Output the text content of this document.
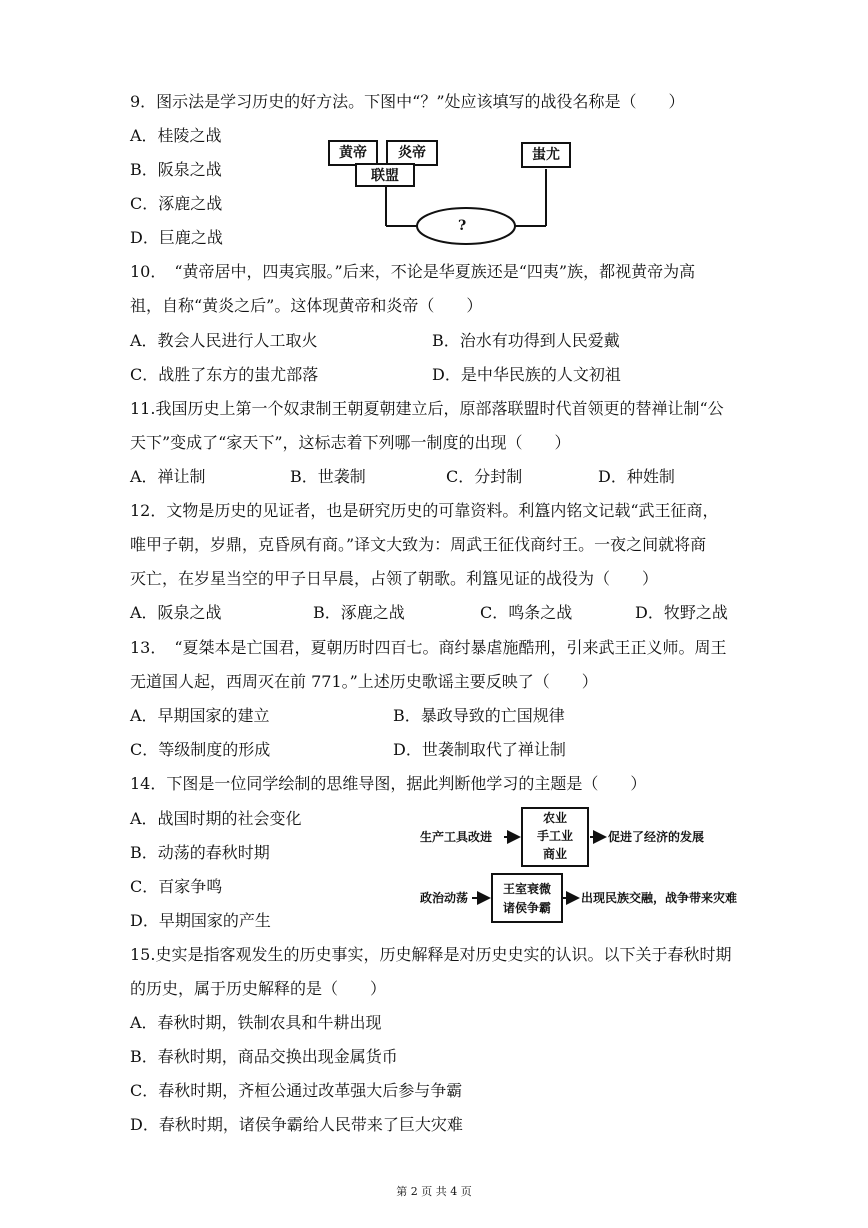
9．图示法是学习历史的好方法。下图中“？”处应该填写的战役名称是（　　）
A．桂陵之战
B．阪泉之战
C．涿鹿之战
D．巨鹿之战
黄帝	炎帝
联盟
蚩尤
?
10．　“黄帝居中，四夷宾服。”后来，不论是华夏族还是“四夷”族，都视黄帝为高
祖，自称“黄炎之后”。这体现黄帝和炎帝（　　）
A．教会人民进行人工取火	B．治水有功得到人民爱戴
C．战胜了东方的蚩尤部落	D．是中华民族的人文初祖
11.我国历史上第一个奴隶制王朝夏朝建立后，原部落联盟时代首领更的替禅让制“公
天下”变成了“家天下”，这标志着下列哪一制度的出现（　　）
A．禅让制	B．世袭制	C．分封制	D．种姓制
12．文物是历史的见证者，也是研究历史的可靠资料。利簋内铭文记载“武王征商，
唯甲子朝，岁鼎，克昏夙有商。”译文大致为：周武王征伐商纣王。一夜之间就将商
灭亡，在岁星当空的甲子日早晨，占领了朝歌。利簋见证的战役为（　　）
A．阪泉之战	B．涿鹿之战	C．鸣条之战	D．牧野之战
13．　“夏桀本是亡国君，夏朝历时四百七。商纣暴虐施酷刑，引来武王正义师。周王
无道国人起，西周灭在前 771。”上述历史歌谣主要反映了（　　）
A．早期国家的建立	B．暴政导致的亡国规律
C．等级制度的形成	D．世袭制取代了禅让制
14．下图是一位同学绘制的思维导图，据此判断他学习的主题是（　　）
A．战国时期的社会变化
B．动荡的春秋时期
C．百家争鸣
D．早期国家的产生
生产工具改进
农业
手工业
商业
促进了经济的发展
政治动荡
王室衰微
诸侯争霸
出现民族交融，战争带来灾难
15.史实是指客观发生的历史事实，历史解释是对历史史实的认识。以下关于春秋时期
的历史，属于历史解释的是（　　）
A．春秋时期，铁制农具和牛耕出现
B．春秋时期，商品交换出现金属货币
C．春秋时期，齐桓公通过改革强大后参与争霸
D．春秋时期，诸侯争霸给人民带来了巨大灾难
第 2 页 共 4 页
